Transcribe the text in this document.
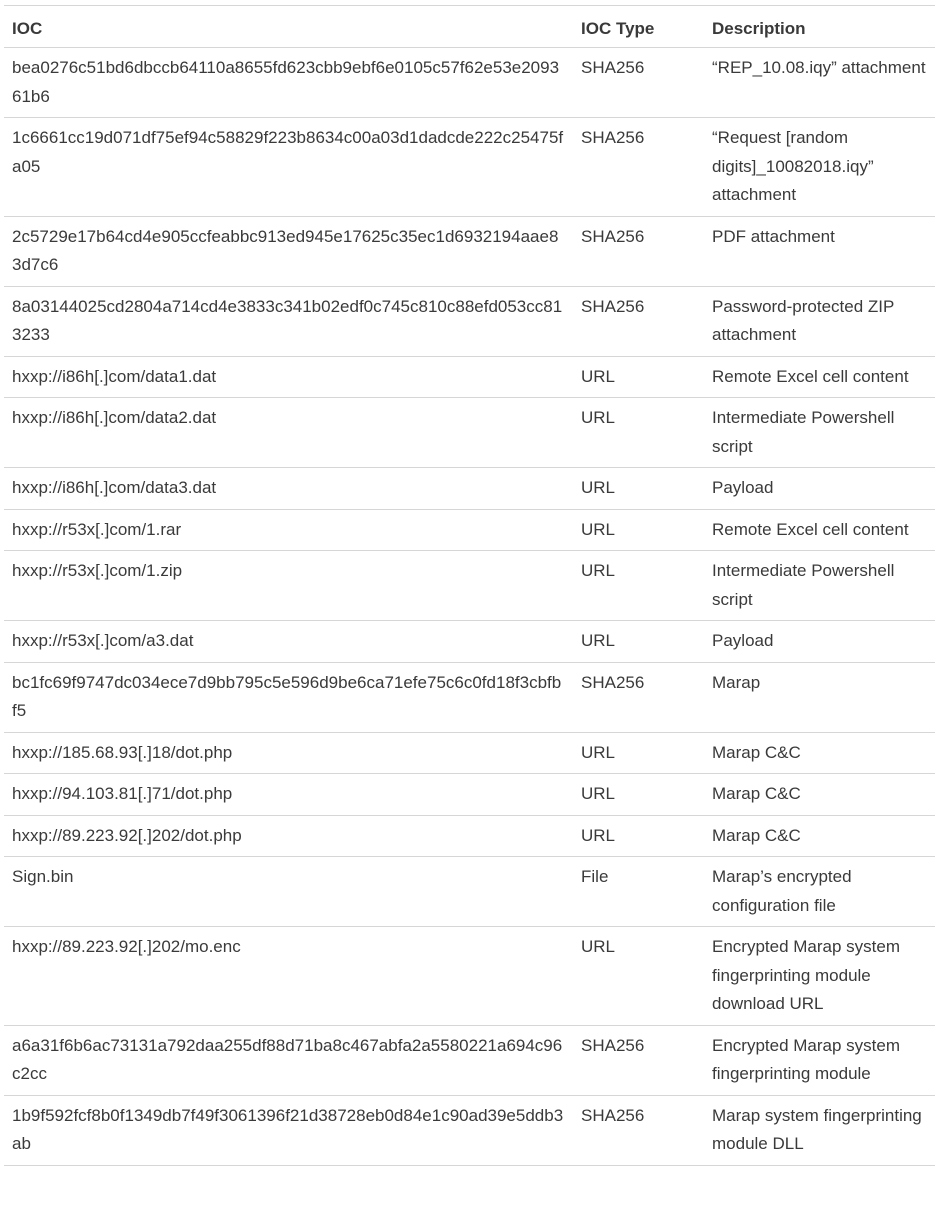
IOC	IOC Type	Description
bea0276c51bd6dbccb64110a8655fd623cbb9ebf6e0105c57f62e53e209361b6	SHA256	“REP_10.08.iqy” attachment
1c6661cc19d071df75ef94c58829f223b8634c00a03d1dadcde222c25475fa05	SHA256	“Request [random digits]_10082018.iqy” attachment
2c5729e17b64cd4e905ccfeabbc913ed945e17625c35ec1d6932194aae83d7c6	SHA256	PDF attachment
8a03144025cd2804a714cd4e3833c341b02edf0c745c810c88efd053cc813233	SHA256	Password-protected ZIP attachment
hxxp://i86h[.]com/data1.dat	URL	Remote Excel cell content
hxxp://i86h[.]com/data2.dat	URL	Intermediate Powershell script
hxxp://i86h[.]com/data3.dat	URL	Payload
hxxp://r53x[.]com/1.rar	URL	Remote Excel cell content
hxxp://r53x[.]com/1.zip	URL	Intermediate Powershell script
hxxp://r53x[.]com/a3.dat	URL	Payload
bc1fc69f9747dc034ece7d9bb795c5e596d9be6ca71efe75c6c0fd18f3cbfbf5	SHA256	Marap
hxxp://185.68.93[.]18/dot.php	URL	Marap C&C
hxxp://94.103.81[.]71/dot.php	URL	Marap C&C
hxxp://89.223.92[.]202/dot.php	URL	Marap C&C
Sign.bin	File	Marap’s encrypted configuration file
hxxp://89.223.92[.]202/mo.enc	URL	Encrypted Marap system fingerprinting module download URL
a6a31f6b6ac73131a792daa255df88d71ba8c467abfa2a5580221a694c96c2cc	SHA256	Encrypted Marap system fingerprinting module
1b9f592fcf8b0f1349db7f49f3061396f21d38728eb0d84e1c90ad39e5ddb3ab	SHA256	Marap system fingerprinting module DLL
